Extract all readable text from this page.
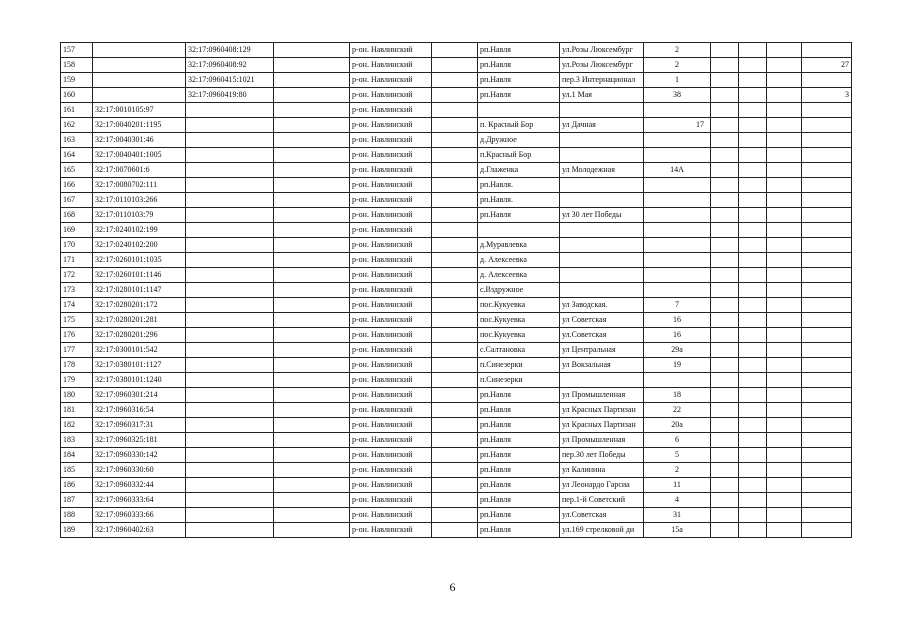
157		32:17:0960408:129		р-он. Навлинский		рп.Навля	ул.Розы Люксембург	2				
158		32:17:0960408:92		р-он. Навлинский		рп.Навля	ул.Розы Люксембург	2				27
159		32:17:0960415:1021		р-он. Навлинский		рп.Навля	пер.3 Интернационал	1				
160		32:17:0960419:80		р-он. Навлинский		рп.Навля	ул.1 Мая	38				3
161	32:17:0010105:97			р-он. Навлинский								
162	32:17:0040201:1195			р-он. Навлинский		п. Красный Бор	ул Дачная	17				
163	32:17:0040301:46			р-он. Навлинский		д.Дружное						
164	32:17:0040401:1005			р-он. Навлинский		п.Красный Бор						
165	32:17:0070601:6			р-он. Навлинский		д.Глаженка	ул Молодежная	14А				
166	32:17:0080702:111			р-он. Навлинский		рп.Навля.						
167	32:17:0110103:266			р-он. Навлинский		рп.Навля.						
168	32:17:0110103:79			р-он. Навлинский		рп.Навля	ул 30 лет Победы					
169	32:17:0240102:199			р-он. Навлинский								
170	32:17:0240102:200			р-он. Навлинский		д.Муравлевка						
171	32:17:0260101:1035			р-он. Навлинский		д. Алексеевка						
172	32:17:0260101:1146			р-он. Навлинский		д. Алексеевка						
173	32:17:0280101:1147			р-он. Навлинский		с.Вздружное						
174	32:17:0280201:172			р-он. Навлинский		пос.Кукуевка	ул Заводская.	7				
175	32:17:0280201:281			р-он. Навлинский		пос.Кукуевка	ул Советская	16				
176	32:17:0280201:296			р-он. Навлинский		пос.Кукуевка	ул.Советская	16				
177	32:17:0300101:542			р-он. Навлинский		с.Салтановка	ул Центральная	29а				
178	32:17:0380101:1127			р-он. Навлинский		п.Синезерки	ул Вокзальная	19				
179	32:17:0380101:1240			р-он. Навлинский		п.Синезерки						
180	32:17:0960301:214			р-он. Навлинский		рп.Навля	ул Промышленная	18				
181	32:17:0960316:54			р-он. Навлинский		рп.Навля	ул Красных Партизан	22				
182	32:17:0960317:31			р-он. Навлинский		рп.Навля	ул Красных Партизан	20а				
183	32:17:0960325:181			р-он. Навлинский		рп.Навля	ул Промышленная	6				
184	32:17:0960330:142			р-он. Навлинский		рп.Навля	пер.30 лет Победы	5				
185	32:17:0960330:60			р-он. Навлинский		рп.Навля	ул Калинина	2				
186	32:17:0960332:44			р-он. Навлинский		рп.Навля	ул Леонардо Гарсиа	11				
187	32:17:0960333:64			р-он. Навлинский		рп.Навля	пер.1-й Советский	4				
188	32:17:0960333:66			р-он. Навлинский		рп.Навля	ул.Советская	31				
189	32:17:0960402:63			р-он. Навлинский		рп.Навля	ул.169 стрелковой ди	15а				
6
